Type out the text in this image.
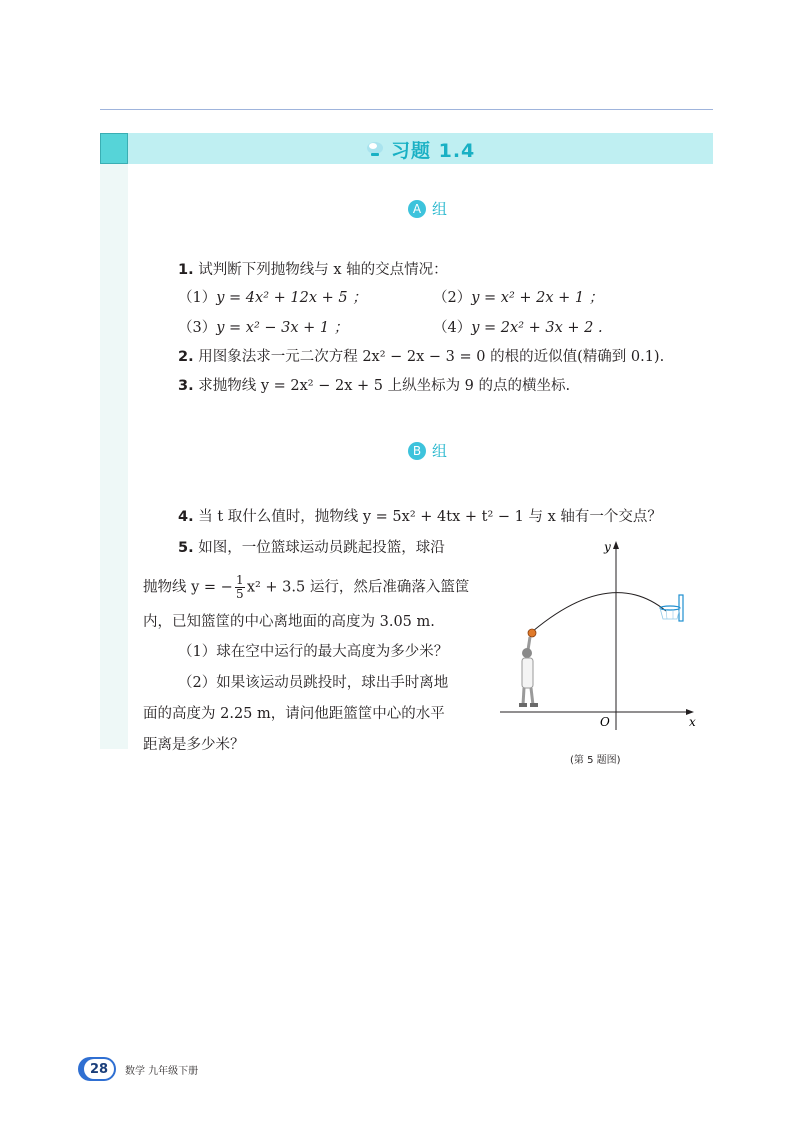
习题 1.4
A 组
1. 试判断下列抛物线与 x 轴的交点情况：
（1）y = 4x² + 12x + 5 ；	（2）y = x² + 2x + 1 ；
（3）y = x² − 3x + 1 ；	（4）y = 2x² + 3x + 2 .
2. 用图象法求一元二次方程 2x² − 2x − 3 = 0 的根的近似值(精确到 0.1).
3. 求抛物线 y = 2x² − 2x + 5 上纵坐标为 9 的点的横坐标.
B 组
4. 当 t 取什么值时，抛物线 y = 5x² + 4tx + t² − 1 与 x 轴有一个交点？
5. 如图，一位篮球运动员跳起投篮，球沿
抛物线 y = − $\frac{1}{5} x^2 + 3.5$ 运行，然后准确落入篮筐
内，已知篮筐的中心离地面的高度为 3.05 m.
（1）球在空中运行的最大高度为多少米？
（2）如果该运动员跳投时，球出手时离地
面的高度为 2.25 m，请问他距篮筐中心的水平
距离是多少米？
y
x
O
(第 5 题图)
28	数学 九年级下册
